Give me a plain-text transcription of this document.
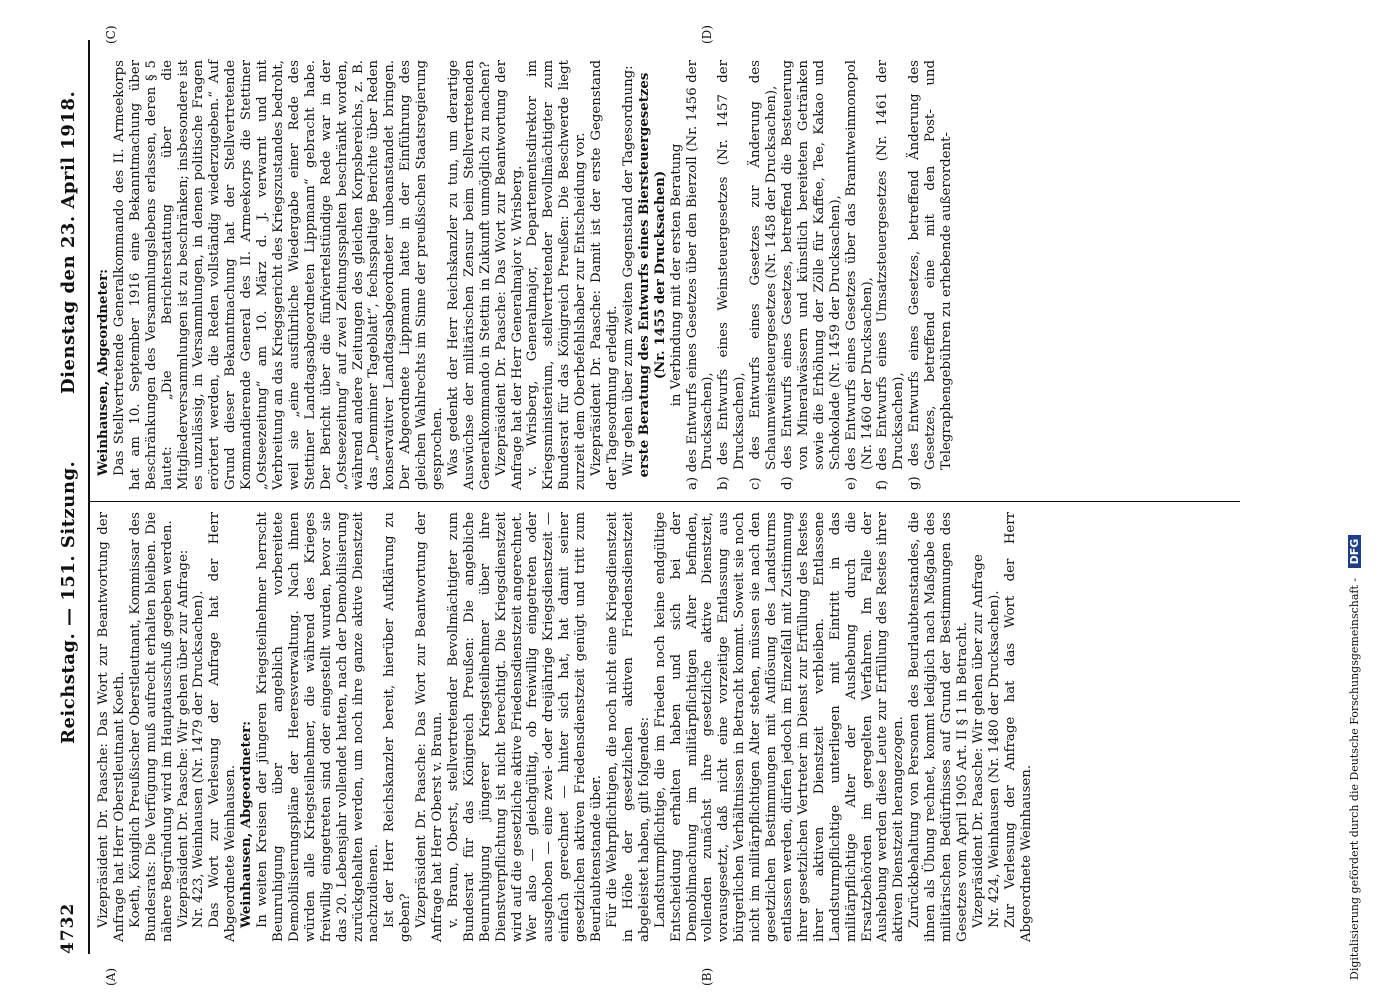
4732
Reichstag. — 151. Sitzung.
Dienstag den 23. April 1918.
(A)	(B)
(C)	(D)

Vizepräsident Dr. Paasche: Das Wort zur Beantwortung der Anfrage hat Herr Oberstleutnant Koeth. Koeth, Königlich Preußischer Oberstleutnant, Kommissar des Bundesrats: Die Verfügung muß aufrecht erhalten bleiben. Die nähere Begründung wird im Hauptausschuß gegeben werden. Vizepräsident Dr. Paasche: Wir gehen über zur Anfrage: Nr. 423, Weinhausen (Nr. 1479 der Drucksachen). Das Wort zur Verlesung der Anfrage hat der Herr Abgeordnete Weinhausen. Weinhausen, Abgeordneter: In weiten Kreisen der jüngeren Kriegsteilnehmer herrscht Beunruhigung über angeblich vorbereitete Demobilisierungspläne der Heeresverwaltung. Nach ihnen würden alle Kriegsteilnehmer, die während des Krieges freiwillig eingetreten sind oder eingestellt wurden, bevor sie das 20. Lebensjahr vollendet hatten, nach der Demobilisierung zurückgehalten werden, um noch ihre ganze aktive Dienstzeit nachzudienen. Ist der Herr Reichskanzler bereit, hierüber Aufklärung zu geben? Vizepräsident Dr. Paasche: Das Wort zur Beantwortung der Anfrage hat Herr Oberst v. Braun. v. Braun, Oberst, stellvertretender Bevollmächtigter zum Bundesrat für das Königreich Preußen: Die angebliche Beunruhigung jüngerer Kriegsteilnehmer über ihre Dienstverpflichtung ist nicht berechtigt. Die Kriegsdienstzeit wird auf die gesetzliche aktive Friedensdienstzeit angerechnet. Wer also — gleichgültig, ob freiwillig eingetreten oder ausgehoben — eine zwei- oder dreijährige Kriegsdienstzeit — einfach gerechnet — hinter sich hat, hat damit seiner gesetzlichen aktiven Friedensdienstzeit genügt und tritt zum Beurlaubtenstande über. Für die Wehrpflichtigen, die noch nicht eine Kriegsdienstzeit in Höhe der gesetzlichen aktiven Friedensdienstzeit abgeleistet haben, gilt folgendes: Landsturmpflichtige, die im Frieden noch keine endgültige Entscheidung erhalten haben und sich bei der Demobilmachung im militärpflichtigen Alter befinden, vollenden zunächst ihre gesetzliche aktive Dienstzeit, vorausgesetzt, daß nicht eine vorzeitige Entlassung aus bürgerlichen Verhältnissen in Betracht kommt. Soweit sie noch nicht im militärpflichtigen Alter stehen, müssen sie nach den gesetzlichen Bestimmungen mit Auflösung des Landsturms entlassen werden, dürfen jedoch im Einzelfall mit Zustimmung ihrer gesetzlichen Vertreter im Dienst zur Erfüllung des Restes ihrer aktiven Dienstzeit verbleiben. Entlassene Landsturmpflichtige unterliegen mit Eintritt in das militärpflichtige Alter der Aushebung durch die Ersatzbehörden im geregelten Verfahren. Im Falle der Aushebung werden diese Leute zur Erfüllung des Restes ihrer aktiven Dienstzeit herangezogen. Zurückbehaltung von Personen des Beurlaubtenstandes, die ihnen als Übung rechnet, kommt lediglich nach Maßgabe des militärischen Bedürfnisses auf Grund der Bestimmungen des Gesetzes vom April 1905 Art. II § 1 in Betracht. Vizepräsident Dr. Paasche: Wir gehen über zur Anfrage Nr. 424, Weinhausen (Nr. 1480 der Drucksachen). Zur Verlesung der Anfrage hat das Wort der Herr Abgeordnete Weinhausen.

Weinhausen, Abgeordneter: Das Stellvertretende Generalkommando des II. Armeekorps hat am 10. September 1916 eine Bekanntmachung über Beschränkungen des Versammlungslebens erlassen, deren § 5 lautet: „Die Berichterstattung über die Mitgliederversammlungen ist zu beschränken; insbesondere ist es unzulässig, in Versammlungen, in denen politische Fragen erörtert werden, die Reden vollständig wiederzugeben.“ Auf Grund dieser Bekanntmachung hat der Stellvertretende Kommandierende General des II. Armeekorps die Stettiner „Ostseezeitung“ am 10. März d. J. verwarnt und mit Verbreitung an das Kriegsgericht des Kriegszustandes bedroht, weil sie „eine ausführliche Wiedergabe einer Rede des Stettiner Landtagsabgeordneten Lippmann“ gebracht habe. Der Bericht über die fünfviertelstündige Rede war in der „Ostseezeitung“ auf zwei Zeitungsspalten beschränkt worden, während andere Zeitungen des gleichen Korpsbereichs, z. B. das „Demminer Tageblatt“, fechsspaltige Berichte über Reden konservativer Landtagsabgeordneter unbeanstandet bringen. Der Abgeordnete Lippmann hatte in der Einführung des gleichen Wahlrechts im Sinne der preußischen Staatsregierung gesprochen. Was gedenkt der Herr Reichskanzler zu tun, um derartige Auswüchse der militärischen Zensur beim Stellvertretenden Generalkommando in Stettin in Zukunft unmöglich zu machen? Vizepräsident Dr. Paasche: Das Wort zur Beantwortung der Anfrage hat der Herr Generalmajor v. Wrisberg. v. Wrisberg, Generalmajor, Departementsdirektor im Kriegsministerium, stellvertretender Bevollmächtigter zum Bundesrat für das Königreich Preußen: Die Beschwerde liegt zurzeit dem Oberbefehlshaber zur Entscheidung vor. Vizepräsident Dr. Paasche: Damit ist der erste Gegenstand der Tagesordnung erledigt. Wir gehen über zum zweiten Gegenstand der Tagesordnung: erste Beratung des Entwurfs eines Biersteuergesetzes (Nr. 1455 der Drucksachen) in Verbindung mit der ersten Beratung a) des Entwurfs eines Gesetzes über den Bierzoll (Nr. 1456 der Drucksachen), b) des Entwurfs eines Weinsteuergesetzes (Nr. 1457 der Drucksachen), c) des Entwurfs eines Gesetzes zur Änderung des Schaumweinsteuergesetzes (Nr. 1458 der Drucksachen), d) des Entwurfs eines Gesetzes, betreffend die Besteuerung von Mineralwässern und künstlich bereiteten Getränken sowie die Erhöhung der Zölle für Kaffee, Tee, Kakao und Schokolade (Nr. 1459 der Drucksachen), e) des Entwurfs eines Gesetzes über das Branntweinmonopol (Nr. 1460 der Drucksachen), f) des Entwurfs eines Umsatzsteuergesetzes (Nr. 1461 der Drucksachen), g) des Entwurfs eines Gesetzes, betreffend Änderung des Gesetzes, betreffend eine mit den Post- und Telegraphengebühren zu erhebende außerordent-

Digitalisierung gefördert durch die Deutsche Forschungsgemeinschaft - DFG
